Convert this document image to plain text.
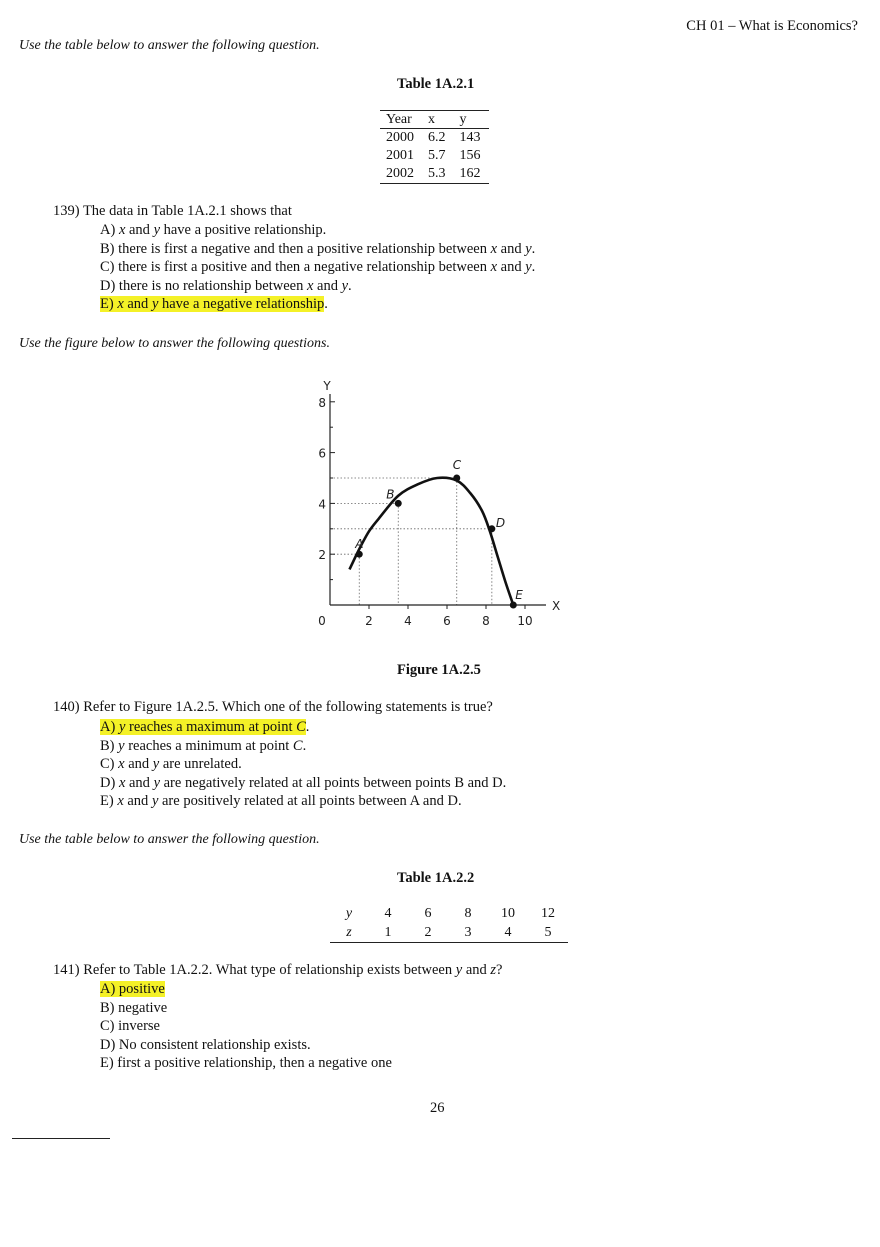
CH 01 – What is Economics?
Use the table below to answer the following question.
Table 1A.2.1
Year	x	y
2000	6.2	143
2001	5.7	156
2002	5.3	162
139) The data in Table 1A.2.1 shows that
A) x and y have a positive relationship.
B) there is first a negative and then a positive relationship between x and y.
C) there is first a positive and then a negative relationship between x and y.
D) there is no relationship between x and y.
E) x and y have a negative relationship.
Use the figure below to answer the following questions.
Y
X
0	2	4	6	8 10
2
4
6
8
A
B
C
D
E
Figure 1A.2.5
140) Refer to Figure 1A.2.5. Which one of the following statements is true?
A) y reaches a maximum at point C.
B) y reaches a minimum at point C.
C) x and y are unrelated.
D) x and y are negatively related at all points between points B and D.
E) x and y are positively related at all points between A and D.
Use the table below to answer the following question.
Table 1A.2.2
y	4	6	8	10	12
z	1	2	3	4	5
141) Refer to Table 1A.2.2. What type of relationship exists between y and z?
A) positive
B) negative
C) inverse
D) No consistent relationship exists.
E) first a positive relationship, then a negative one
26
